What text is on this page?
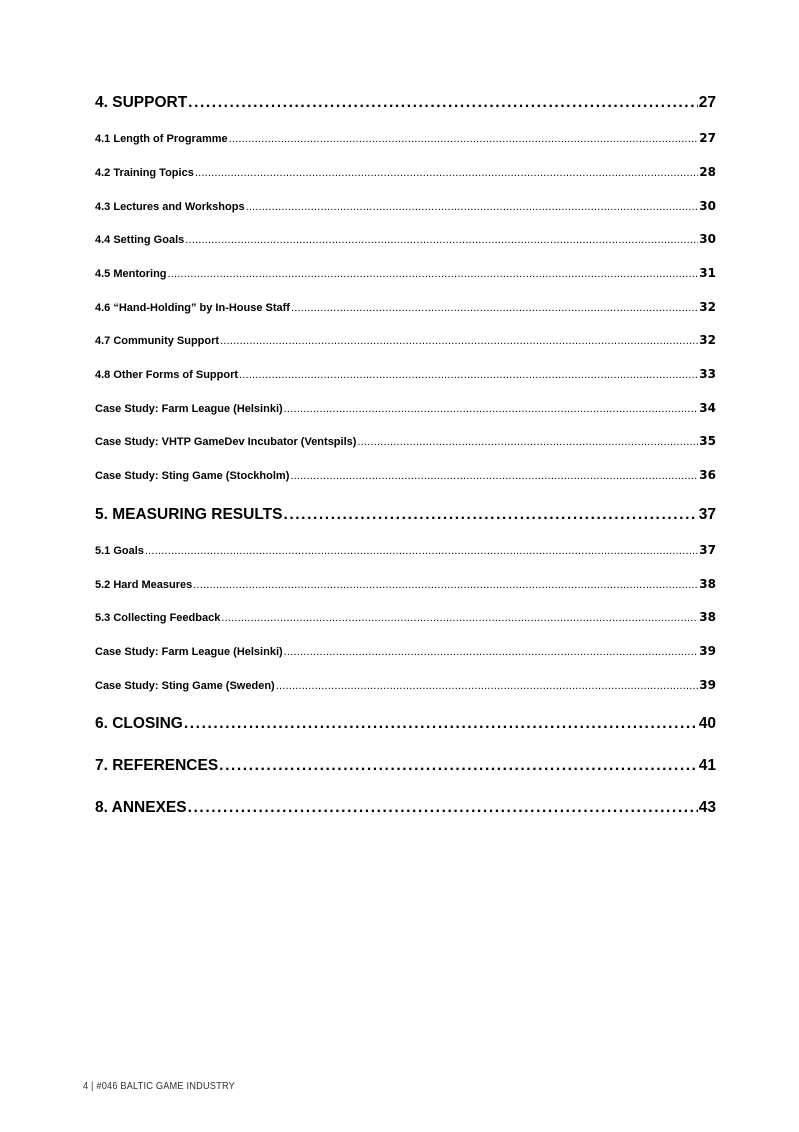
4. SUPPORT .....	27
4.1 Length of Programme .....	27
4.2 Training Topics .....	28
4.3 Lectures and Workshops .....	30
4.4 Setting Goals .....	30
4.5 Mentoring .....	31
4.6 “Hand-Holding” by In-House Staff .....	32
4.7 Community Support .....	32
4.8 Other Forms of Support .....	33
Case Study: Farm League (Helsinki) .....	34
Case Study: VHTP GameDev Incubator (Ventspils) .....	35
Case Study: Sting Game (Stockholm) .....	36
5. MEASURING RESULTS .....	37
5.1 Goals .....	37
5.2 Hard Measures .....	38
5.3 Collecting Feedback .....	38
Case Study: Farm League (Helsinki) .....	39
Case Study: Sting Game (Sweden) .....	39
6. CLOSING .....	40
7. REFERENCES .....	41
8. ANNEXES .....	43
4 | #046 BALTIC GAME INDUSTRY
